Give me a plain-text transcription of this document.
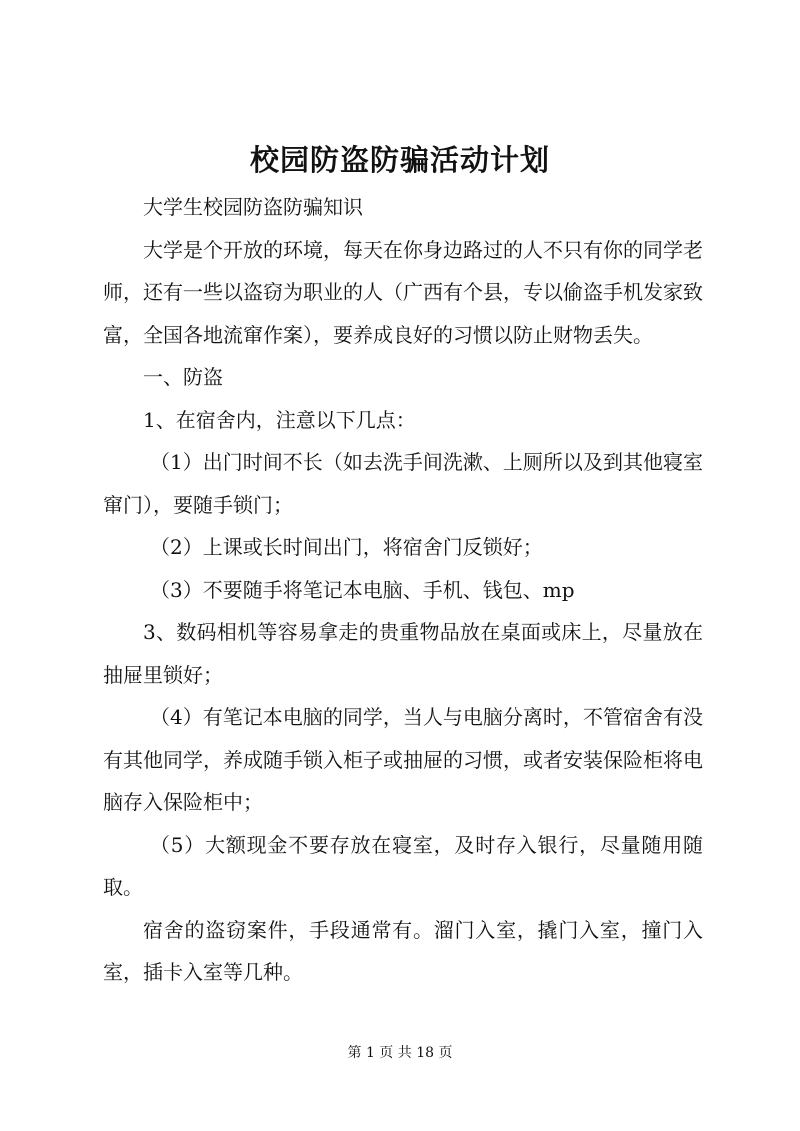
校园防盗防骗活动计划

大学生校园防盗防骗知识

大学是个开放的环境，每天在你身边路过的人不只有你的同学老师，还有一些以盗窃为职业的人（广西有个县，专以偷盗手机发家致富，全国各地流窜作案），要养成良好的习惯以防止财物丢失。

一、防盗

1、在宿舍内，注意以下几点：

（1）出门时间不长（如去洗手间洗漱、上厕所以及到其他寝室窜门），要随手锁门；

（2）上课或长时间出门，将宿舍门反锁好；

（3）不要随手将笔记本电脑、手机、钱包、mp

3、数码相机等容易拿走的贵重物品放在桌面或床上，尽量放在抽屉里锁好；

（4）有笔记本电脑的同学，当人与电脑分离时，不管宿舍有没有其他同学，养成随手锁入柜子或抽屉的习惯，或者安装保险柜将电脑存入保险柜中；

（5）大额现金不要存放在寝室，及时存入银行，尽量随用随取。

宿舍的盗窃案件，手段通常有。溜门入室，撬门入室，撞门入室，插卡入室等几种。

第 1 页 共 18 页
